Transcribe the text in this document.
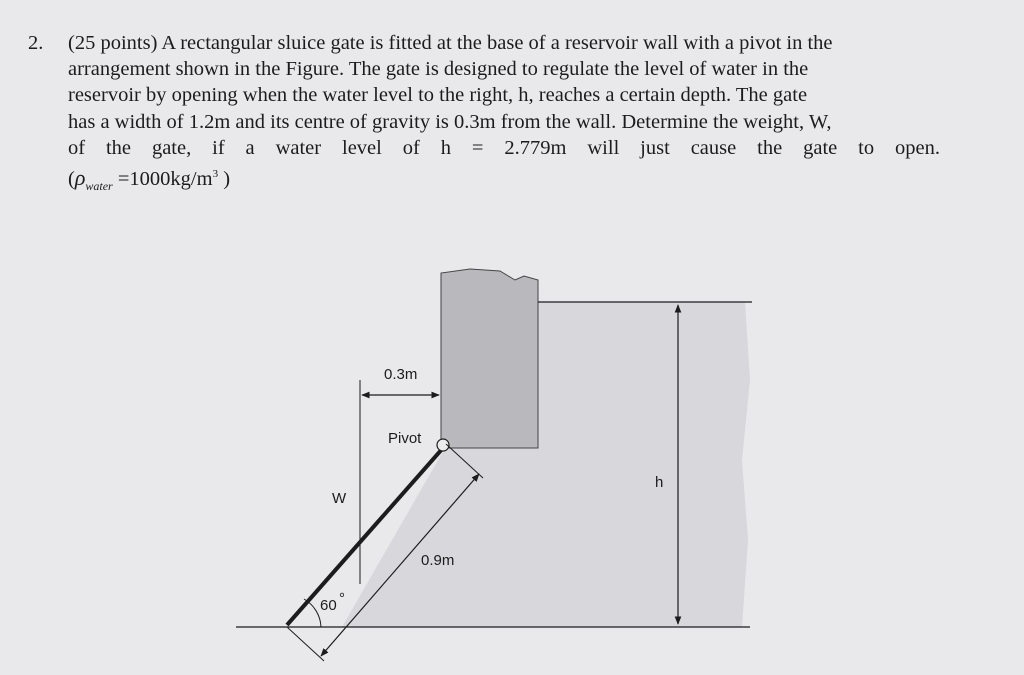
2. (25 points) A rectangular sluice gate is fitted at the base of a reservoir wall with a pivot in the
arrangement shown in the Figure. The gate is designed to regulate the level of water in the
reservoir by opening when the water level to the right, h, reaches a certain depth. The gate
has a width of 1.2m and its centre of gravity is 0.3m from the wall. Determine the weight, W,
of the gate, if a water level of h = 2.779m will just cause the gate to open.
($\rho_{water} =1000kg/m^3$ )
0.3m
Pivot
W
h
0.9m
60 °
